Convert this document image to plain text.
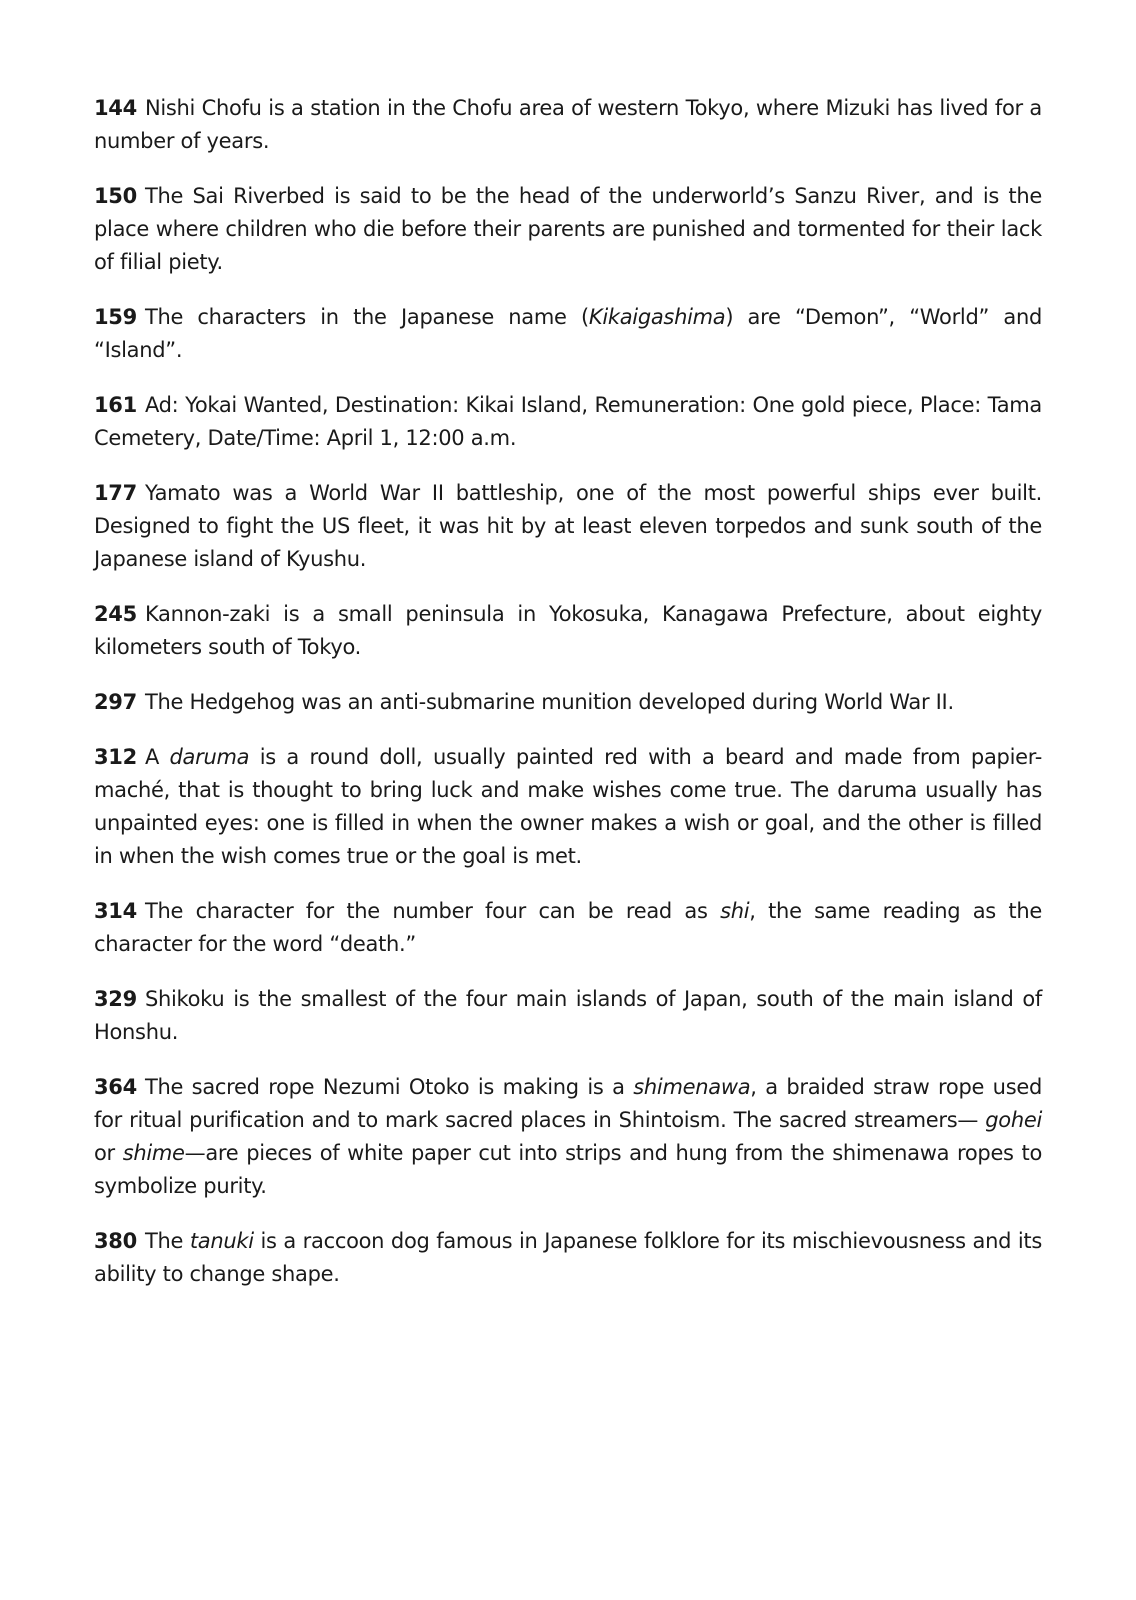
144 Nishi Chofu is a station in the Chofu area of western Tokyo, where Mizuki has lived for a number of years.

150 The Sai Riverbed is said to be the head of the underworld’s Sanzu River, and is the place where children who die before their parents are punished and tormented for their lack of filial piety.

159 The characters in the Japanese name (Kikaigashima) are “Demon”, “World” and “Island”.

161 Ad: Yokai Wanted, Destination: Kikai Island, Remuneration: One gold piece, Place: Tama Cemetery, Date/Time: April 1, 12:00 a.m.

177 Yamato was a World War II battleship, one of the most powerful ships ever built. Designed to fight the US fleet, it was hit by at least eleven torpedos and sunk south of the Japanese island of Kyushu.

245 Kannon-zaki is a small peninsula in Yokosuka, Kanagawa Prefecture, about eighty kilometers south of Tokyo.

297 The Hedgehog was an anti-submarine munition developed during World War II.

312 A daruma is a round doll, usually painted red with a beard and made from papier-maché, that is thought to bring luck and make wishes come true. The daruma usually has unpainted eyes: one is filled in when the owner makes a wish or goal, and the other is filled in when the wish comes true or the goal is met.

314 The character for the number four can be read as shi, the same reading as the character for the word “death.”

329 Shikoku is the smallest of the four main islands of Japan, south of the main island of Honshu.

364 The sacred rope Nezumi Otoko is making is a shimenawa, a braided straw rope used for ritual purification and to mark sacred places in Shintoism. The sacred streamers— gohei or shime—are pieces of white paper cut into strips and hung from the shimenawa ropes to symbolize purity.

380 The tanuki is a raccoon dog famous in Japanese folklore for its mischievousness and its ability to change shape.
